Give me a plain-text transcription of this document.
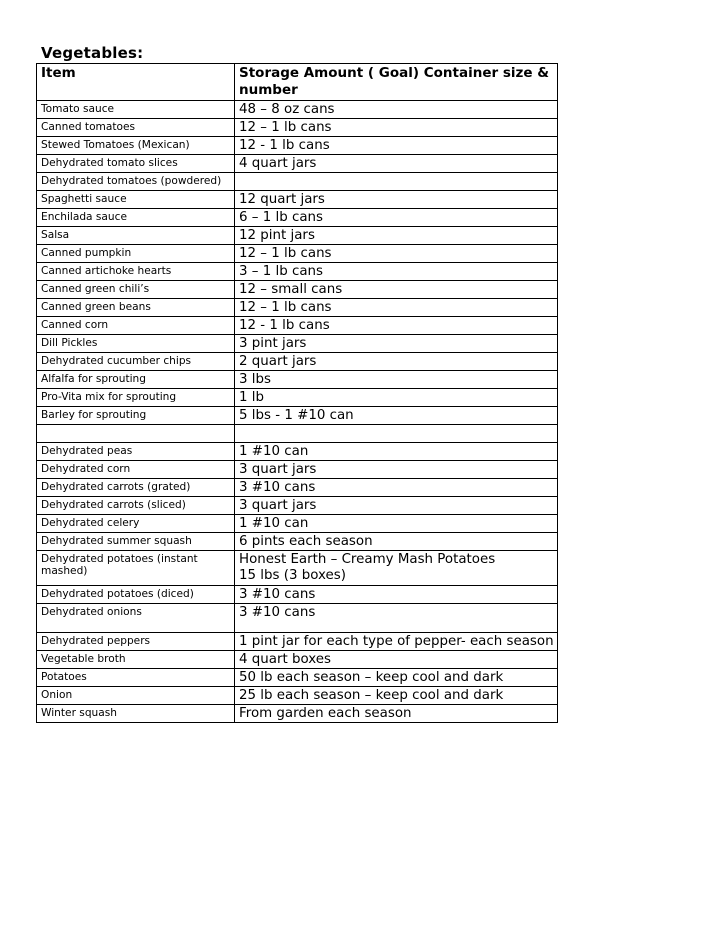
Vegetables:
Item	Storage Amount ( Goal) Container size & number
Tomato sauce	48 – 8 oz cans

Canned tomatoes	12 – 1 lb cans

Stewed Tomatoes (Mexican)	12 - 1 lb cans

Dehydrated tomato slices	4 quart jars

Dehydrated tomatoes (powdered)	

Spaghetti sauce	12 quart jars

Enchilada sauce	6 – 1 lb cans

Salsa	12 pint jars

Canned pumpkin	12 – 1 lb cans

Canned artichoke hearts	3 – 1 lb cans

Canned green chili’s	12 – small cans

Canned green beans	12 – 1 lb cans

Canned corn	12 - 1 lb cans

Dill Pickles	3 pint jars

Dehydrated cucumber chips	2 quart jars

Alfalfa for sprouting	3 lbs

Pro-Vita mix for sprouting	1 lb

Barley for sprouting	5 lbs - 1 #10 can

Dehydrated peas	1 #10 can

Dehydrated corn	3 quart jars

Dehydrated carrots (grated)	3 #10 cans

Dehydrated carrots (sliced)	3 quart jars

Dehydrated celery	1 #10 can

Dehydrated summer squash	6 pints each season

Dehydrated potatoes (instant mashed)	Honest Earth – Creamy Mash Potatoes
15 lbs (3 boxes)

Dehydrated potatoes (diced)	3 #10 cans

Dehydrated onions	3 #10 cans

Dehydrated peppers	1 pint jar for each type of pepper- each season

Vegetable broth	4 quart boxes

Potatoes	50 lb each season – keep cool and dark

Onion	25 lb each season – keep cool and dark

Winter squash	From garden each season
